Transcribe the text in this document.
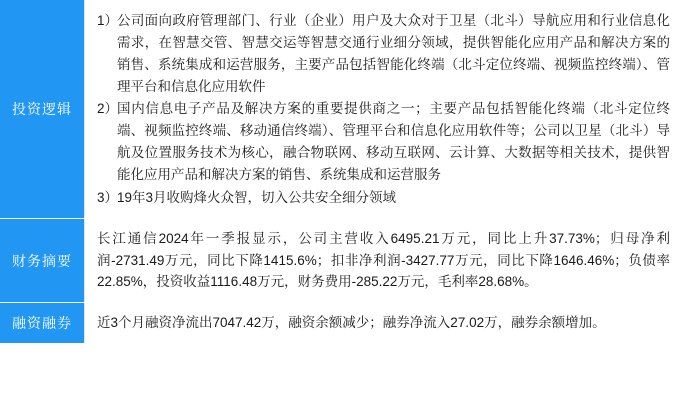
投资逻辑
1）
公司面向政府管理部门、行业（企业）用户及大众对于卫星（北斗）导航应用和行业信息化需求，在智慧交管、智慧交运等智慧交通行业细分领域，提供智能化应用产品和解决方案的销售、系统集成和运营服务，主要产品包括智能化终端（北斗定位终端、视频监控终端）、管理平台和信息化应用软件
2）
国内信息电子产品及解决方案的重要提供商之一；主要产品包括智能化终端（北斗定位终端、视频监控终端、移动通信终端）、管理平台和信息化应用软件等；公司以卫星（北斗）导航及位置服务技术为核心，融合物联网、移动互联网、云计算、大数据等相关技术，提供智能化应用产品和解决方案的销售、系统集成和运营服务
3）
19年3月收购烽火众智，切入公共安全细分领域
财务摘要
长江通信2024年一季报显示，公司主营收入6495.21万元，同比上升37.73%；归母净利润-2731.49万元，同比下降1415.6%；扣非净利润-3427.77万元，同比下降1646.46%；负债率22.85%，投资收益1116.48万元，财务费用-285.22万元，毛利率28.68%。
融资融券	近3个月融资净流出7047.42万，融资余额减少；融券净流入27.02万，融券余额增加。
